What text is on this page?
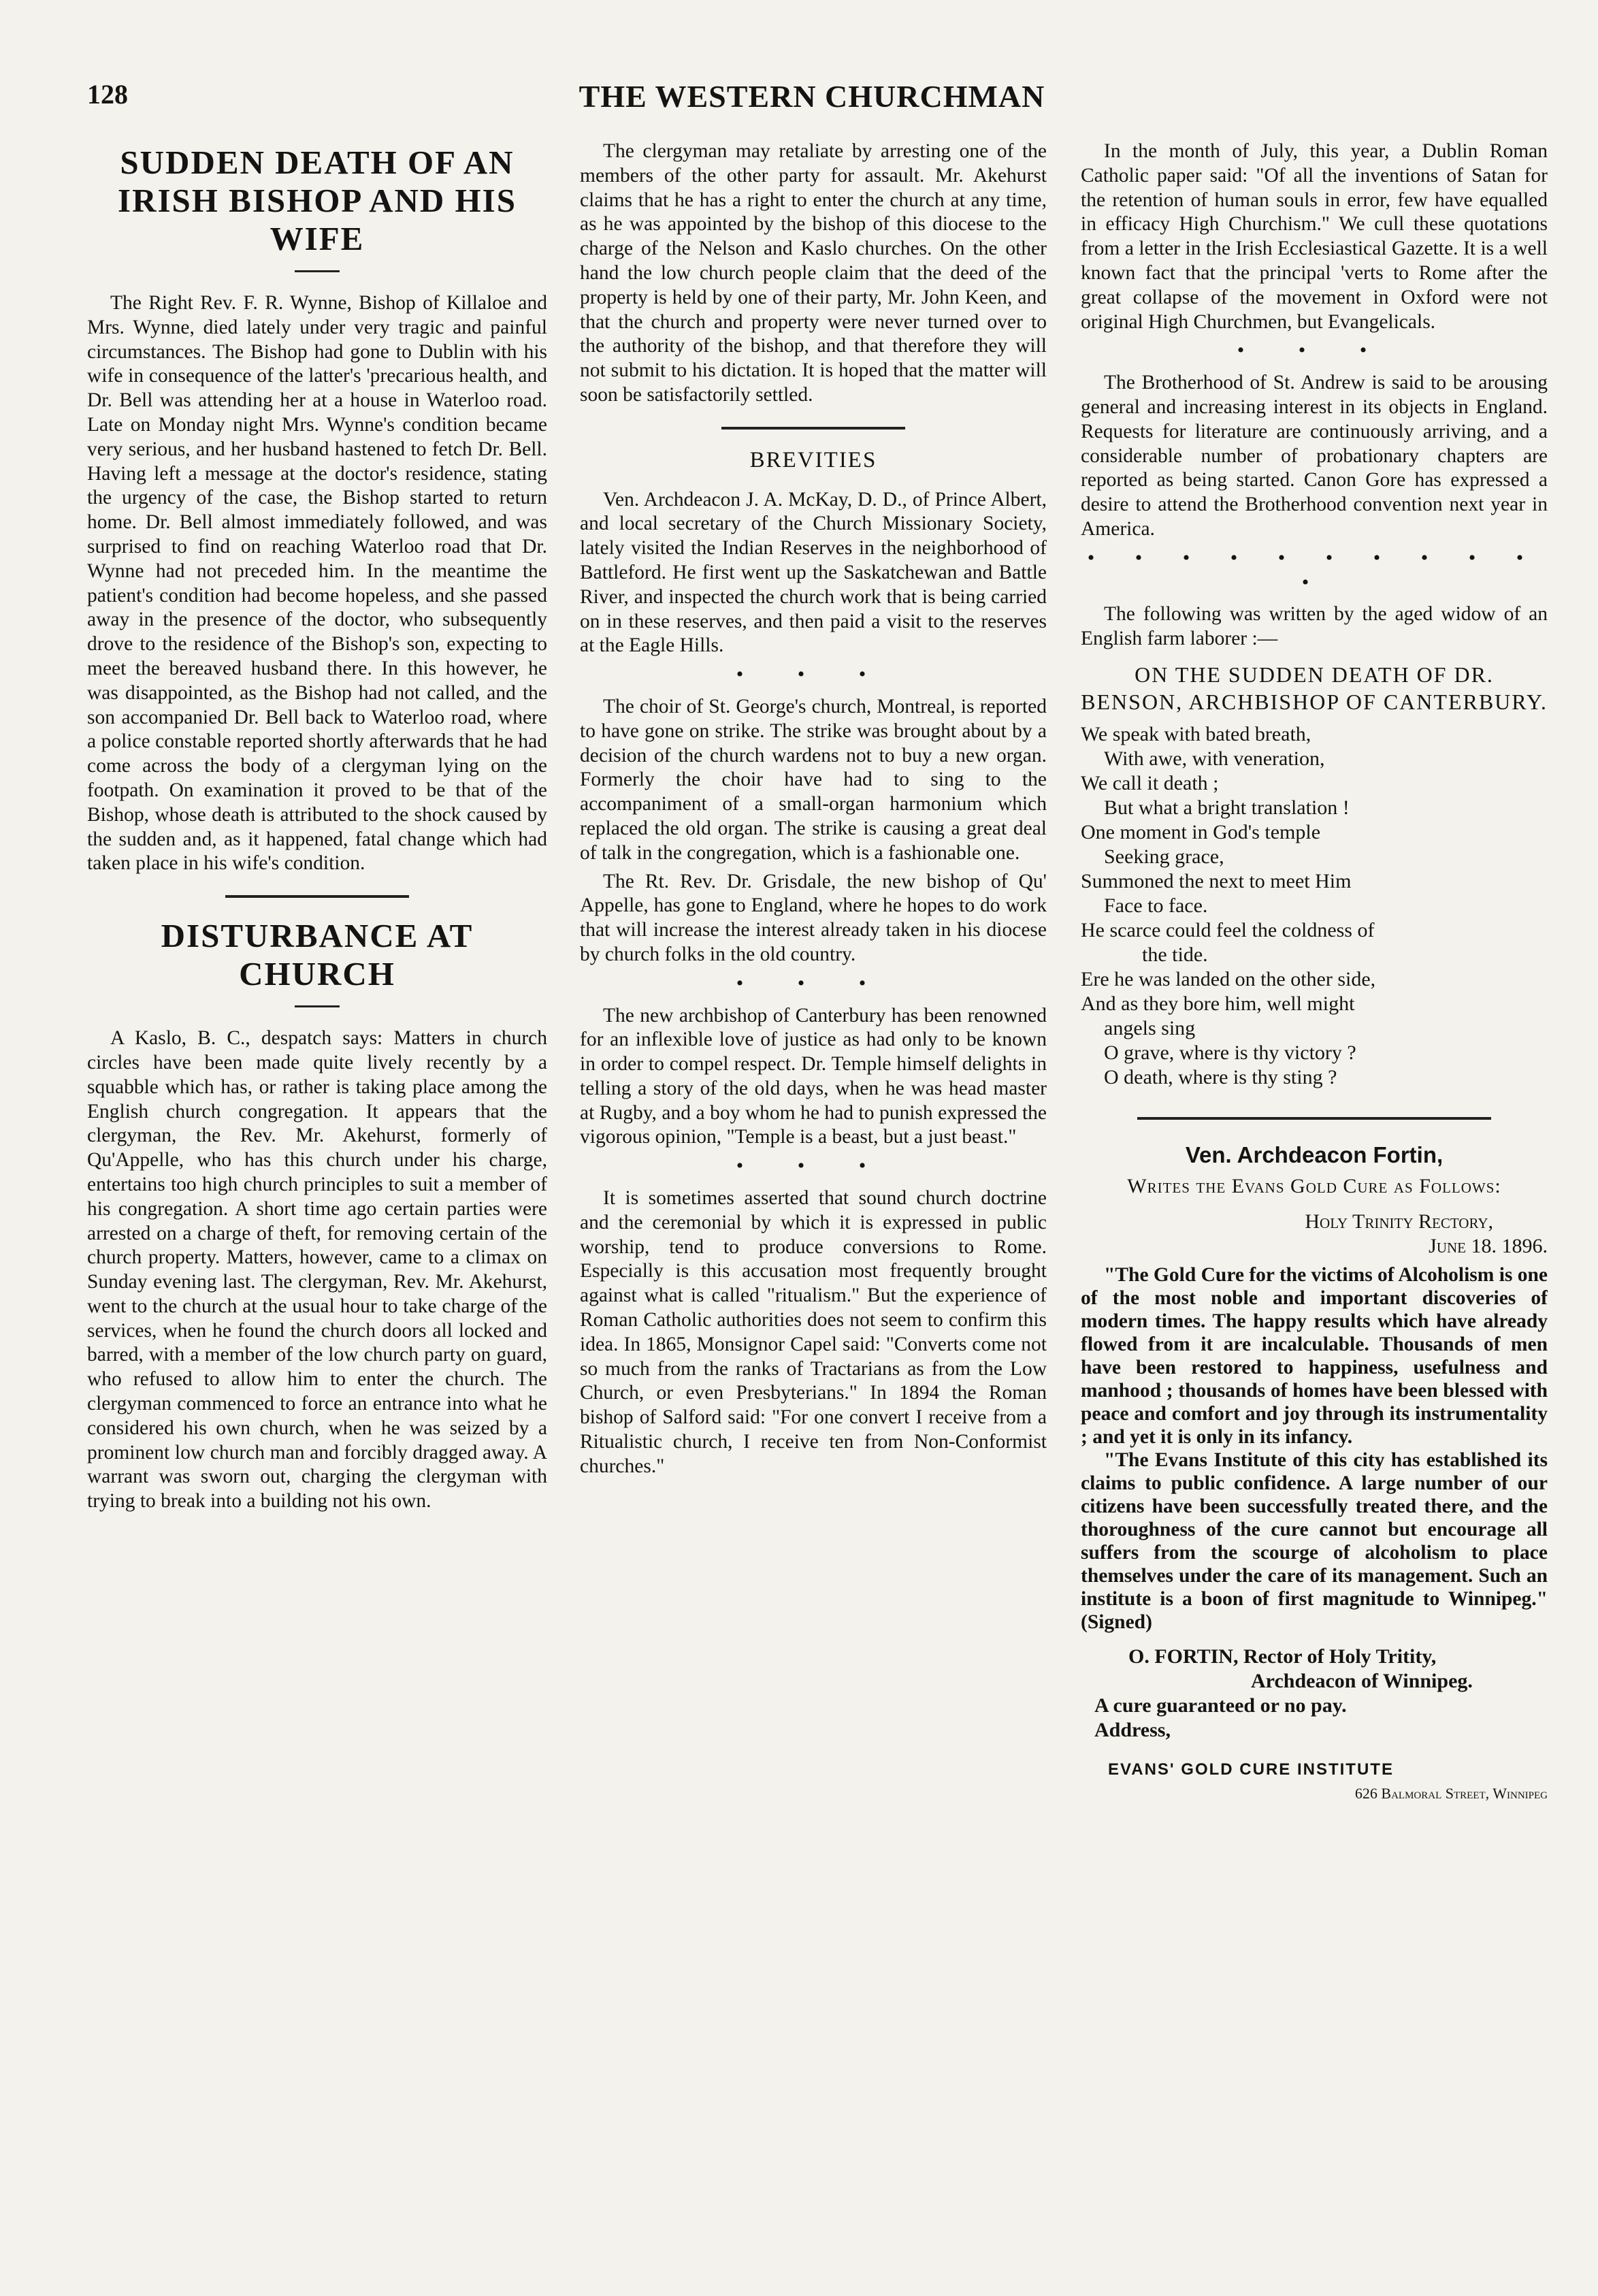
128	THE WESTERN CHURCHMAN
SUDDEN DEATH OF AN IRISH BISHOP AND HIS WIFE

The Right Rev. F. R. Wynne, Bishop of Killaloe and Mrs. Wynne, died lately under very tragic and painful circumstances. The Bishop had gone to Dublin with his wife in consequence of the latter's 'precarious health, and Dr. Bell was attending her at a house in Waterloo road. Late on Monday night Mrs. Wynne's condition became very serious, and her husband hastened to fetch Dr. Bell. Having left a message at the doctor's residence, stating the urgency of the case, the Bishop started to return home. Dr. Bell almost immediately followed, and was surprised to find on reaching Waterloo road that Dr. Wynne had not preceded him. In the meantime the patient's condition had become hopeless, and she passed away in the presence of the doctor, who subsequently drove to the residence of the Bishop's son, expecting to meet the bereaved husband there. In this however, he was disappointed, as the Bishop had not called, and the son accompanied Dr. Bell back to Waterloo road, where a police constable reported shortly afterwards that he had come across the body of a clergyman lying on the footpath. On examination it proved to be that of the Bishop, whose death is attributed to the shock caused by the sudden and, as it happened, fatal change which had taken place in his wife's condition.

DISTURBANCE AT CHURCH

A Kaslo, B. C., despatch says: Matters in church circles have been made quite lively recently by a squabble which has, or rather is taking place among the English church congregation. It appears that the clergyman, the Rev. Mr. Akehurst, formerly of Qu'Appelle, who has this church under his charge, entertains too high church principles to suit a member of his congregation. A short time ago certain parties were arrested on a charge of theft, for removing certain of the church property. Matters, however, came to a climax on Sunday evening last. The clergyman, Rev. Mr. Akehurst, went to the church at the usual hour to take charge of the services, when he found the church doors all locked and barred, with a member of the low church party on guard, who refused to allow him to enter the church. The clergyman commenced to force an entrance into what he considered his own church, when he was seized by a prominent low church man and forcibly dragged away. A warrant was sworn out, charging the clergyman with trying to break into a building not his own.

The clergyman may retaliate by arresting one of the members of the other party for assault. Mr. Akehurst claims that he has a right to enter the church at any time, as he was appointed by the bishop of this diocese to the charge of the Nelson and Kaslo churches. On the other hand the low church people claim that the deed of the property is held by one of their party, Mr. John Keen, and that the church and property were never turned over to the authority of the bishop, and that therefore they will not submit to his dictation. It is hoped that the matter will soon be satisfactorily settled.

BREVITIES

Ven. Archdeacon J. A. McKay, D. D., of Prince Albert, and local secretary of the Church Missionary Society, lately visited the Indian Reserves in the neighborhood of Battleford. He first went up the Saskatchewan and Battle River, and inspected the church work that is being carried on in these reserves, and then paid a visit to the reserves at the Eagle Hills.

• • •

The choir of St. George's church, Montreal, is reported to have gone on strike. The strike was brought about by a decision of the church wardens not to buy a new organ. Formerly the choir have had to sing to the accompaniment of a small-organ harmonium which replaced the old organ. The strike is causing a great deal of talk in the congregation, which is a fashionable one.

The Rt. Rev. Dr. Grisdale, the new bishop of Qu' Appelle, has gone to England, where he hopes to do work that will increase the interest already taken in his diocese by church folks in the old country.

• • •

The new archbishop of Canterbury has been renowned for an inflexible love of justice as had only to be known in order to compel respect. Dr. Temple himself delights in telling a story of the old days, when he was head master at Rugby, and a boy whom he had to punish expressed the vigorous opinion, "Temple is a beast, but a just beast."

• • •

It is sometimes asserted that sound church doctrine and the ceremonial by which it is expressed in public worship, tend to produce conversions to Rome. Especially is this accusation most frequently brought against what is called "ritualism." But the experience of Roman Catholic authorities does not seem to confirm this idea. In 1865, Monsignor Capel said: "Converts come not so much from the ranks of Tractarians as from the Low Church, or even Presbyterians." In 1894 the Roman bishop of Salford said: "For one convert I receive from a Ritualistic church, I receive ten from Non-Conformist churches."

In the month of July, this year, a Dublin Roman Catholic paper said: "Of all the inventions of Satan for the retention of human souls in error, few have equalled in efficacy High Churchism." We cull these quotations from a letter in the Irish Ecclesiastical Gazette. It is a well known fact that the principal 'verts to Rome after the great collapse of the movement in Oxford were not original High Churchmen, but Evangelicals.

• • •

The Brotherhood of St. Andrew is said to be arousing general and increasing interest in its objects in England. Requests for literature are continuously arriving, and a considerable number of probationary chapters are reported as being started. Canon Gore has expressed a desire to attend the Brotherhood convention next year in America.

• • • • • • • • • • •

The following was written by the aged widow of an English farm laborer :—

ON THE SUDDEN DEATH OF DR. BENSON, ARCHBISHOP OF CANTERBURY.
We speak with bated breath,
With awe, with veneration,
We call it death ;
But what a bright translation !
One moment in God's temple
Seeking grace,
Summoned the next to meet Him
Face to face.
He scarce could feel the coldness of
the tide.
Ere he was landed on the other side,
And as they bore him, well might
angels sing
O grave, where is thy victory ?
O death, where is thy sting ?
Ven. Archdeacon Fortin,
Writes the Evans Gold Cure as Follows:
Holy Trinity Rectory,
June 18. 1896.

"The Gold Cure for the victims of Alcoholism is one of the most noble and important discoveries of modern times. The happy results which have already flowed from it are incalculable. Thousands of men have been restored to happiness, usefulness and manhood ; thousands of homes have been blessed with peace and comfort and joy through its instrumentality ; and yet it is only in its infancy.

"The Evans Institute of this city has established its claims to public confidence. A large number of our citizens have been successfully treated there, and the thoroughness of the cure cannot but encourage all suffers from the scourge of alcoholism to place themselves under the care of its management. Such an institute is a boon of first magnitude to Winnipeg." (Signed)

O. FORTIN, Rector of Holy Tritity,
Archdeacon of Winnipeg.
A cure guaranteed or no pay.
Address,
EVANS' GOLD CURE INSTITUTE
626 Balmoral Street, Winnipeg
